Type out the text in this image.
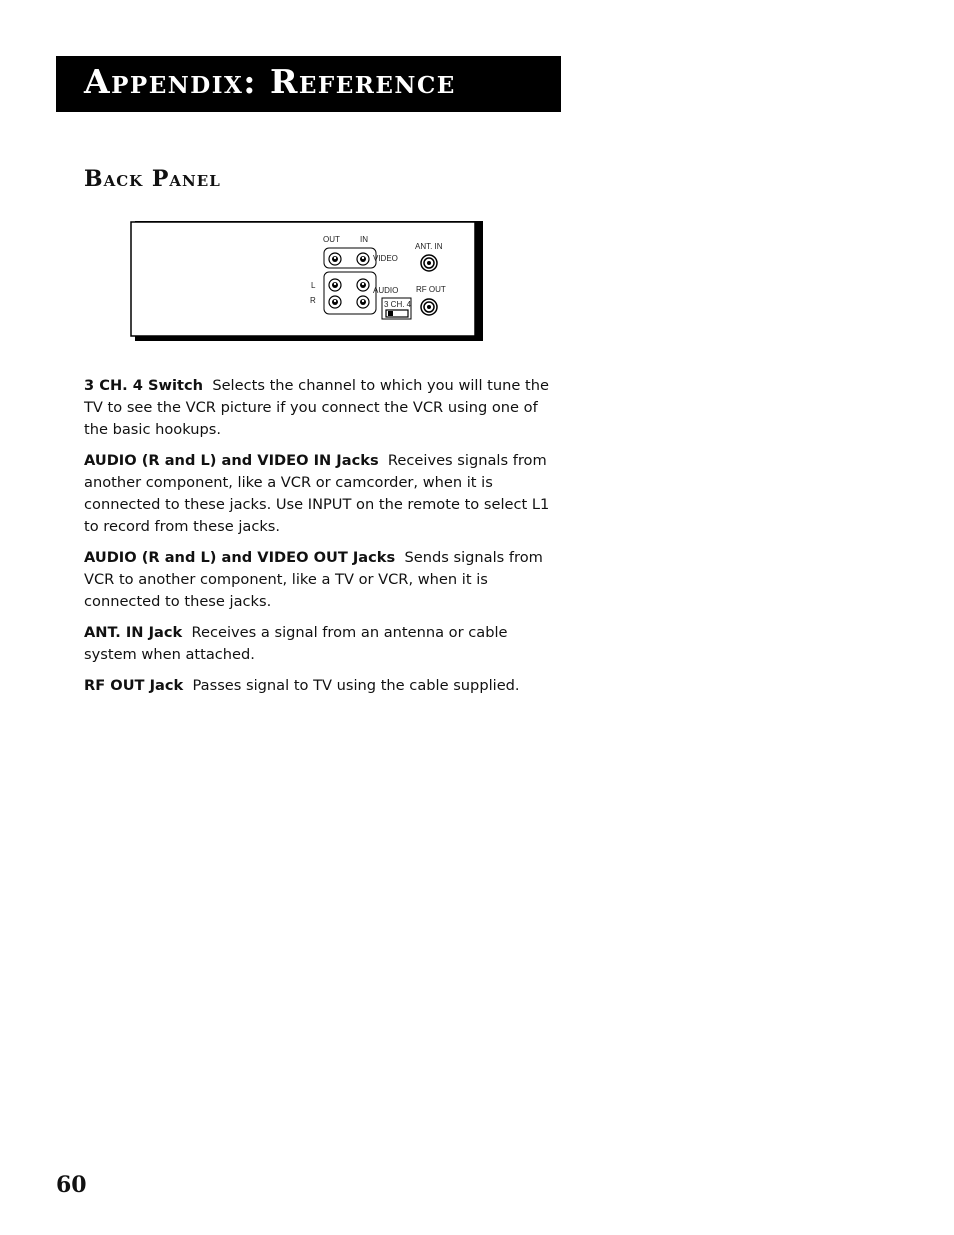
Appendix: Reference
Back Panel
OUT	IN
ANT. IN
VIDEO
L
R
AUDIO RF OUT
3 CH. 4

3 CH. 4 Switch Selects the channel to which you will tune the TV to see the VCR picture if you connect the VCR using one of the basic hookups.

AUDIO (R and L) and VIDEO IN Jacks Receives signals from another component, like a VCR or camcorder, when it is connected to these jacks. Use INPUT on the remote to select L1 to record from these jacks.

AUDIO (R and L) and VIDEO OUT Jacks Sends signals from VCR to another component, like a TV or VCR, when it is connected to these jacks.

ANT. IN Jack Receives a signal from an antenna or cable system when attached.

RF OUT Jack Passes signal to TV using the cable supplied.

60
